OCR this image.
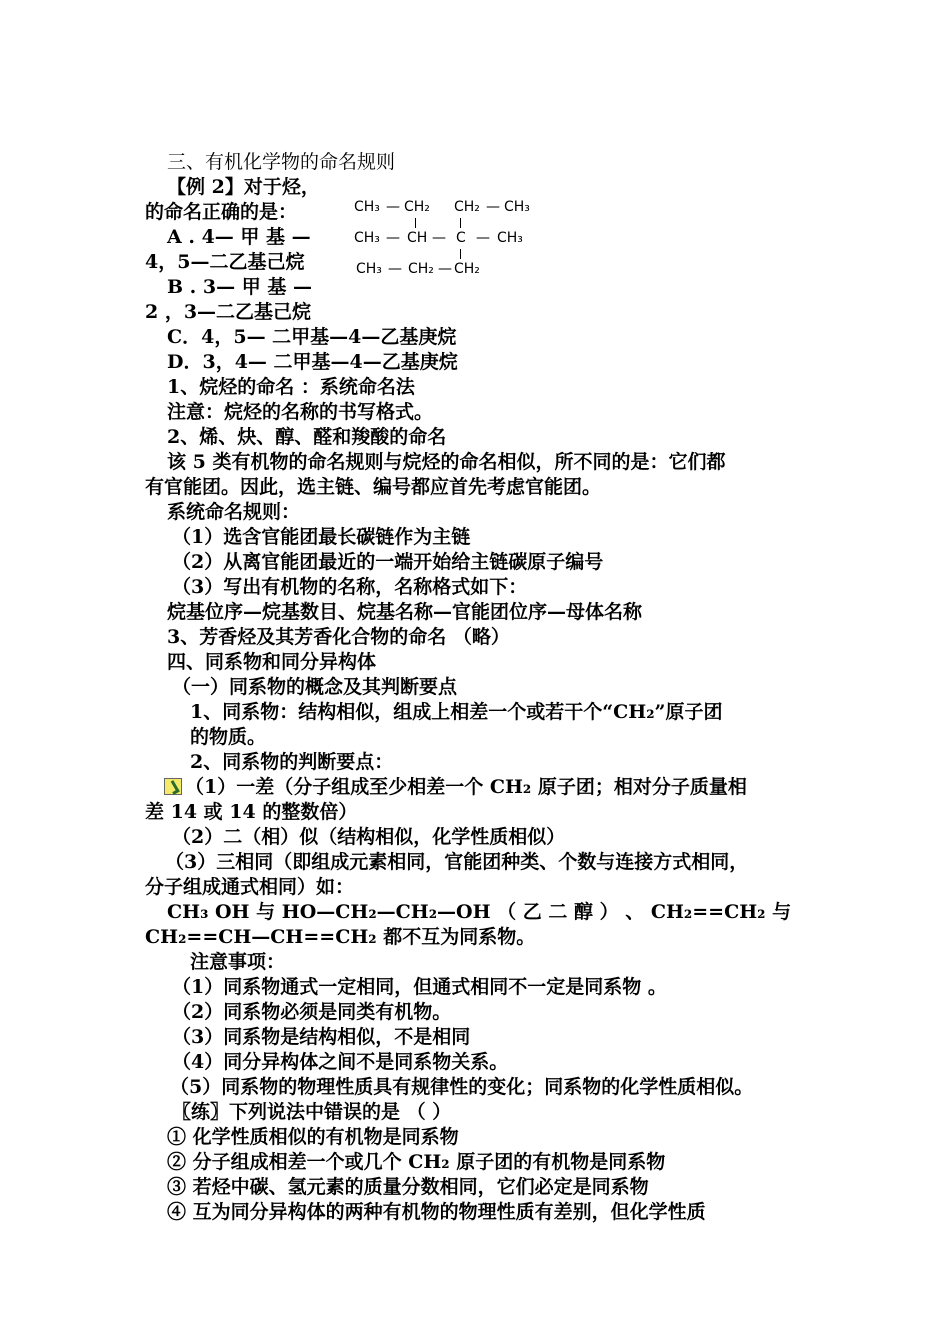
三、有机化学物的命名规则
【例 2】对于烃，
的命名正确的是：	CH₃ — CH₂ CH₂ — CH₃
CH₃ — CH — C — CH₃
CH₃ — CH₂ — CH₂
A . 4— 甲 基 —
4，5—二乙基己烷
B . 3— 甲 基 —
2 ，3—二乙基己烷
C．4，5— 二甲基—4—乙基庚烷
D．3，4— 二甲基—4—乙基庚烷
1、烷烃的命名 ：系统命名法
注意：烷烃的名称的书写格式。
2、烯、炔、醇、醛和羧酸的命名
该 5 类有机物的命名规则与烷烃的命名相似，所不同的是：它们都
有官能团。因此，选主链、编号都应首先考虑官能团。
系统命名规则：
（1）选含官能团最长碳链作为主链
（2）从离官能团最近的一端开始给主链碳原子编号
（3）写出有机物的名称，名称格式如下：
烷基位序—烷基数目、烷基名称—官能团位序—母体名称
3、芳香烃及其芳香化合物的命名 （略）
四、同系物和同分异构体
（一）同系物的概念及其判断要点
1、同系物：结构相似，组成上相差一个或若干个“CH₂”原子团
的物质。
2、同系物的判断要点：
（1）一差（分子组成至少相差一个 CH₂ 原子团；相对分子质量相
差 14 或 14 的整数倍）
（2）二（相）似（结构相似，化学性质相似）
（3）三相同（即组成元素相同，官能团种类、个数与连接方式相同，
分子组成通式相同）如：
CH₃ OH 与 HO—CH₂—CH₂—OH （ 乙 二 醇 ） 、 CH₂==CH₂ 与
CH₂==CH—CH==CH₂ 都不互为同系物。
注意事项：
（1）同系物通式一定相同，但通式相同不一定是同系物 。
（2）同系物必须是同类有机物。
（3）同系物是结构相似，不是相同
（4）同分异构体之间不是同系物关系。
（5）同系物的物理性质具有规律性的变化；同系物的化学性质相似。
〖练〗下列说法中错误的是 （ ）
① 化学性质相似的有机物是同系物
② 分子组成相差一个或几个 CH₂ 原子团的有机物是同系物
③ 若烃中碳、氢元素的质量分数相同，它们必定是同系物
④ 互为同分异构体的两种有机物的物理性质有差别，但化学性质
